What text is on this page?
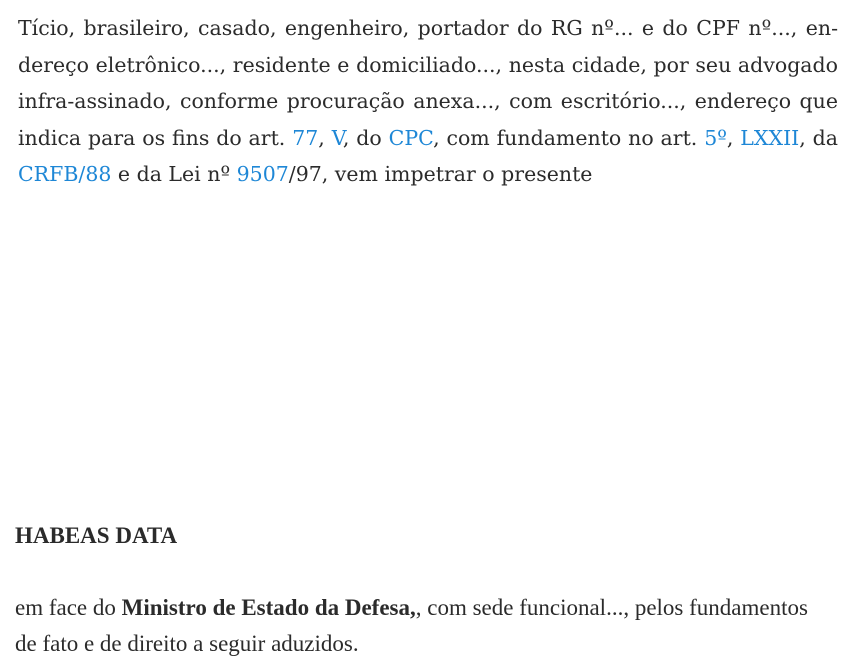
Tício, brasileiro, casado, engenheiro, portador do RG nº... e do CPF nº..., endereço eletrônico..., residente e domiciliado..., nesta cidade, por seu advogado infra-assinado, conforme procuração anexa..., com escritório..., endereço que indica para os fins do art. 77, V, do CPC, com fundamento no art. 5º, LXXII, da CRFB/88 e da Lei nº 9507/97, vem impetrar o presente

HABEAS DATA

em face do Ministro de Estado da Defesa,, com sede funcional..., pelos fundamentos de fato e de direito a seguir aduzidos.
